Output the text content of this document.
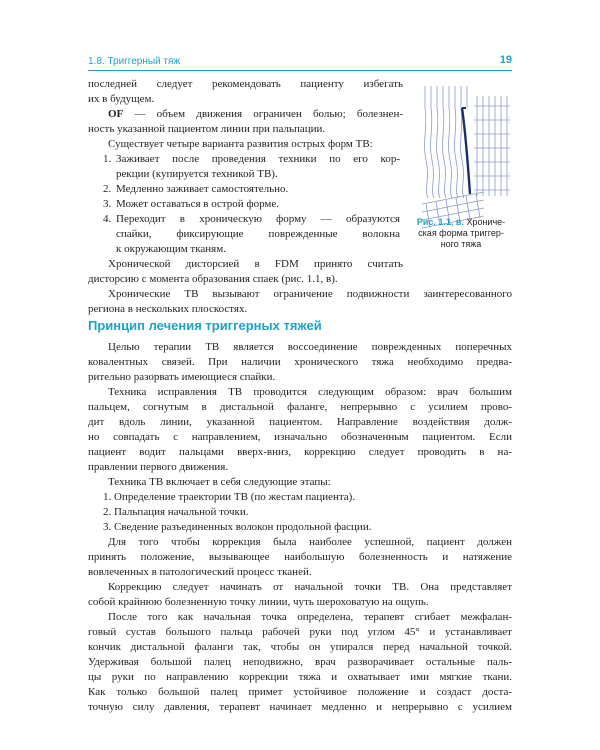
1.8. Триггерный тяж	19
Рис. 1.1, в. Хрониче-
ская форма триггер-
ного тяжа
последней следует рекомендовать пациенту избегать
их в будущем.
OF — объем движения ограничен болью; болезнен-
ность указанной пациентом линии при пальпации.
Существует четыре варианта развития острых форм ТВ:
1. Заживает после проведения техники по его кор-
рекции (купируется техникой ТВ).
2. Медленно заживает самостоятельно.
3. Может оставаться в острой форме.
4. Переходит в хроническую форму — образуются
спайки, фиксирующие поврежденные волокна
к окружающим тканям.
Хронической дисторсией в FDM принято считать
дисторсию с момента образования спаек (рис. 1.1, в).
Хронические ТВ вызывают ограничение подвижности заинтересованного
региона в нескольких плоскостях.
Принцип лечения триггерных тяжей
Целью терапии ТВ является воссоединение поврежденных поперечных
ковалентных связей. При наличии хронического тяжа необходимо предва-
рительно разорвать имеющиеся спайки.
Техника исправления ТВ проводится следующим образом: врач большим
пальцем, согнутым в дистальной фаланге, непрерывно с усилием прово-
дит вдоль линии, указанной пациентом. Направление воздействия долж-
но совпадать с направлением, изначально обозначенным пациентом. Если
пациент водит пальцами вверх-вниз, коррекцию следует проводить в на-
правлении первого движения.
Техника ТВ включает в себя следующие этапы:
1. Определение траектории ТВ (по жестам пациента).
2. Пальпация начальной точки.
3. Сведение разъединенных волокон продольной фасции.
Для того чтобы коррекция была наиболее успешной, пациент должен
принять положение, вызывающее наибольшую болезненность и натяжение
вовлеченных в патологический процесс тканей.
Коррекцию следует начинать от начальной точки ТВ. Она представляет
собой крайнюю болезненную точку линии, чуть шероховатую на ощупь.
После того как начальная точка определена, терапевт сгибает межфалан-
говый сустав большого пальца рабочей руки под углом 45° и устанавливает
кончик дистальной фаланги так, чтобы он упирался перед начальной точкой.
Удерживая большой палец неподвижно, врач разворачивает остальные паль-
цы руки по направлению коррекции тяжа и охватывает ими мягкие ткани.
Как только большой палец примет устойчивое положение и создаст доста-
точную силу давления, терапевт начинает медленно и непрерывно с усилием
